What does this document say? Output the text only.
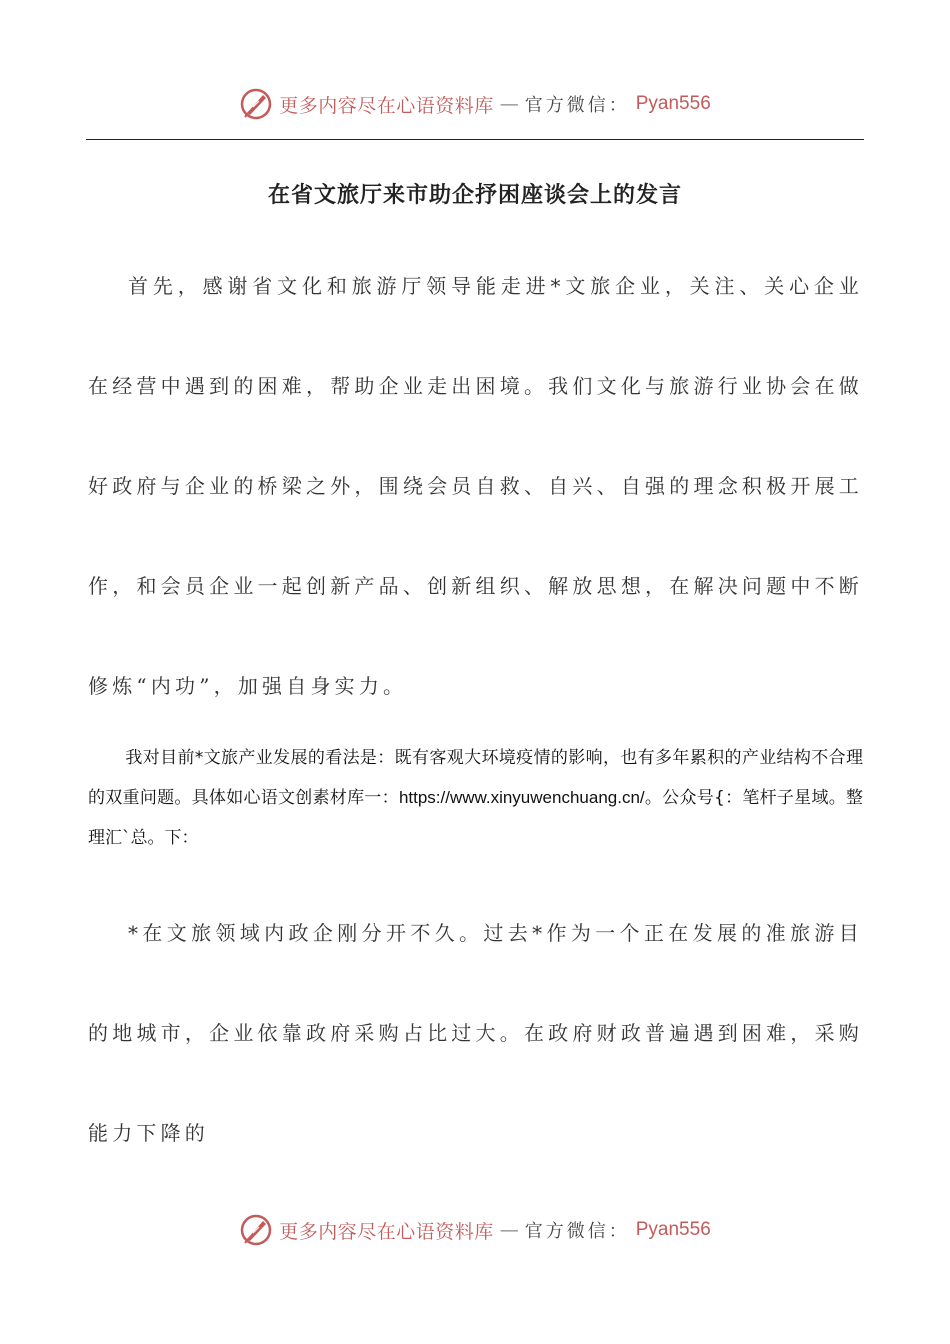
更多内容尽在心语资料库 — 官方微信： Pyan556
在省文旅厅来市助企抒困座谈会上的发言

首先，感谢省文化和旅游厅领导能走进*文旅企业，关注、关心企业在经营中遇到的困难，帮助企业走出困境。我们文化与旅游行业协会在做好政府与企业的桥梁之外，围绕会员自救、自兴、自强的理念积极开展工作，和会员企业一起创新产品、创新组织、解放思想，在解决问题中不断修炼“内功”，加强自身实力。

我对目前*文旅产业发展的看法是：既有客观大环境疫情的影响，也有多年累积的产业结构不合理的双重问题。具体如心语文创素材库一：https://www.xinyuwenchuang.cn/。公众号{：笔杆子星域。整理汇`总。下：

*在文旅领域内政企刚分开不久。过去*作为一个正在发展的准旅游目的地城市，企业依靠政府采购占比过大。在政府财政普遍遇到困难，采购能力下降的

更多内容尽在心语资料库 — 官方微信： Pyan556
